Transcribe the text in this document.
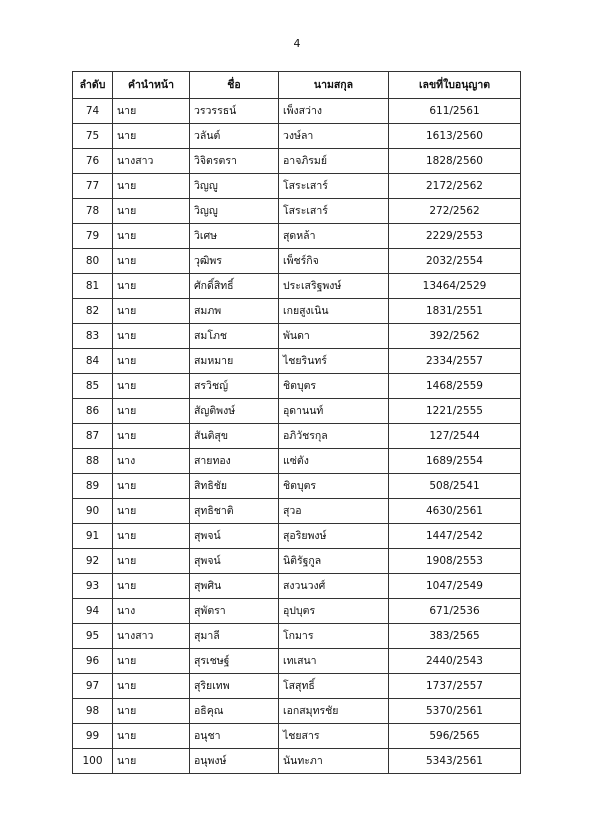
4
ลำดับ	คำนำหน้า	ชื่อ	นามสกุล	เลขที่ใบอนุญาต
74	นาย	วรวรรธน์	เพ็งสว่าง	611/2561
75	นาย	วลันต์	วงษ์ลา	1613/2560
76	นางสาว	วิจิตรตรา	อาจภิรมย์	1828/2560
77	นาย	วิญญู	โสระเสาร์	2172/2562
78	นาย	วิญญู	โสระเสาร์	272/2562
79	นาย	วิเศษ	สุดหล้า	2229/2553
80	นาย	วุฒิพร	เพ็ชร์กิจ	2032/2554
81	นาย	ศักดิ์สิทธิ์	ประเสริฐพงษ์	13464/2529
82	นาย	สมภพ	เกยสูงเนิน	1831/2551
83	นาย	สมโภช	พันดา	392/2562
84	นาย	สมหมาย	ไชยรินทร์	2334/2557
85	นาย	สรวิชญ์	ชิตบุตร	1468/2559
86	นาย	สัญติพงษ์	อุดานนท์	1221/2555
87	นาย	สันติสุข	อภิวัชรกุล	127/2544
88	นาง	สายทอง	แซ่ตัง	1689/2554
89	นาย	สิทธิชัย	ชิตบุตร	508/2541
90	นาย	สุทธิชาติ	สุวอ	4630/2561
91	นาย	สุพจน์	สุอริยพงษ์	1447/2542
92	นาย	สุพจน์	นิติรัฐกูล	1908/2553
93	นาย	สุพศิน	สงวนวงศ์	1047/2549
94	นาง	สุพัตรา	อุปบุตร	671/2536
95	นางสาว	สุมาลี	โกมาร	383/2565
96	นาย	สุรเชษฐ์	เทเสนา	2440/2543
97	นาย	สุริยเทพ	โสสุทธิ์	1737/2557
98	นาย	อธิคุณ	เอกสมุทรชัย	5370/2561
99	นาย	อนุชา	ไชยสาร	596/2565
100	นาย	อนุพงษ์	นันทะภา	5343/2561
